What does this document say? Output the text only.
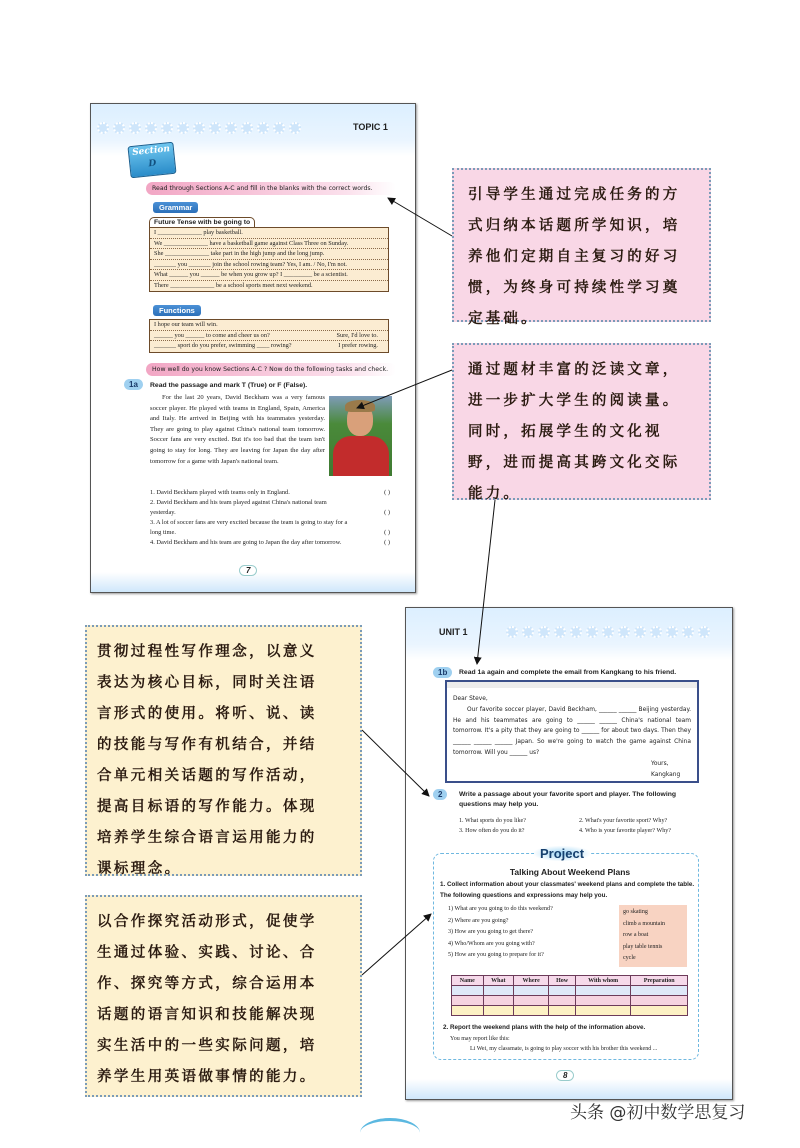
TOPIC 1
Section
D
Read through Sections A-C and fill in the blanks with the correct words.
Grammar
Future Tense with be going to
I ______________ play basketball.
We ______________ have a basketball game against Class Three on Sunday.
She ______________ take part in the high jump and the long jump.
_______ you _______ join the school rowing team? Yes, I am. / No, I'm not.
What ______ you ______ be when you grow up? I _________ be a scientist.
There ______________ be a school sports meet next weekend.
Functions
I hope our team will win.
______ you ______ to come and cheer us on?	Sure, I'd love to.
_______ sport do you prefer, swimming ____ rowing?	I prefer rowing.
How well do you know Sections A-C ? Now do the following tasks and check.
1a	Read the passage and mark T (True) or F (False).
For the last 20 years, David Beckham was a very famous soccer player. He played with teams in England, Spain, America and Italy. He arrived in Beijing with his teammates yesterday. They are going to play against China's national team tomorrow. Soccer fans are very excited. But it's too bad that the team isn't going to stay for long. They are leaving for Japan the day after tomorrow for a game with Japan's national team.
1. David Beckham played with teams only in England.	( )
2. David Beckham and his team played against China's national team yesterday.	( )
3. A lot of soccer fans are very excited because the team is going to stay for a long time.	( )
4. David Beckham and his team are going to Japan the day after tomorrow.	( )
7
UNIT 1
1b	Read 1a again and complete the email from Kangkang to his friend.
Dear Steve,
Our favorite soccer player, David Beckham, ______ ______ Beijing yesterday. He and his teammates are going to ______ ______ China's national team tomorrow. It's a pity that they are going to ______ for about two days. Then they ______ ______ ______ Japan. So we're going to watch the game against China tomorrow. Will you ______ us?
Yours,
Kangkang
2	Write a passage about your favorite sport and player. The following questions may help you.
1. What sports do you like?	2. What's your favorite sport? Why?
3. How often do you do it?	4. Who is your favorite player? Why?
Project
Talking About Weekend Plans
1. Collect information about your classmates' weekend plans and complete the table. The following questions and expressions may help you.
1) What are you going to do this weekend?
2) Where are you going?
3) How are you going to get there?
4) Who/Whom are you going with?
5) How are you going to prepare for it?
go skating
climb a mountain
row a boat
play table tennis
cycle
Name	What	Where	How	With whom	Preparation

2. Report the weekend plans with the help of the information above.
You may report like this:
Li Wei, my classmate, is going to play soccer with his brother this weekend ...
8
引导学生通过完成任务的方
式归纳本话题所学知识，培
养他们定期自主复习的好习
惯，为终身可持续性学习奠
定基础。
通过题材丰富的泛读文章，
进一步扩大学生的阅读量。
同时，拓展学生的文化视
野，进而提高其跨文化交际
能力。
贯彻过程性写作理念，以意义
表达为核心目标，同时关注语
言形式的使用。将听、说、读
的技能与写作有机结合，并结
合单元相关话题的写作活动，
提高目标语的写作能力。体现
培养学生综合语言运用能力的
课标理念。
以合作探究活动形式，促使学
生通过体验、实践、讨论、合
作、探究等方式，综合运用本
话题的语言知识和技能解决现
实生活中的一些实际问题，培
养学生用英语做事情的能力。
头条 @初中数学思复习
